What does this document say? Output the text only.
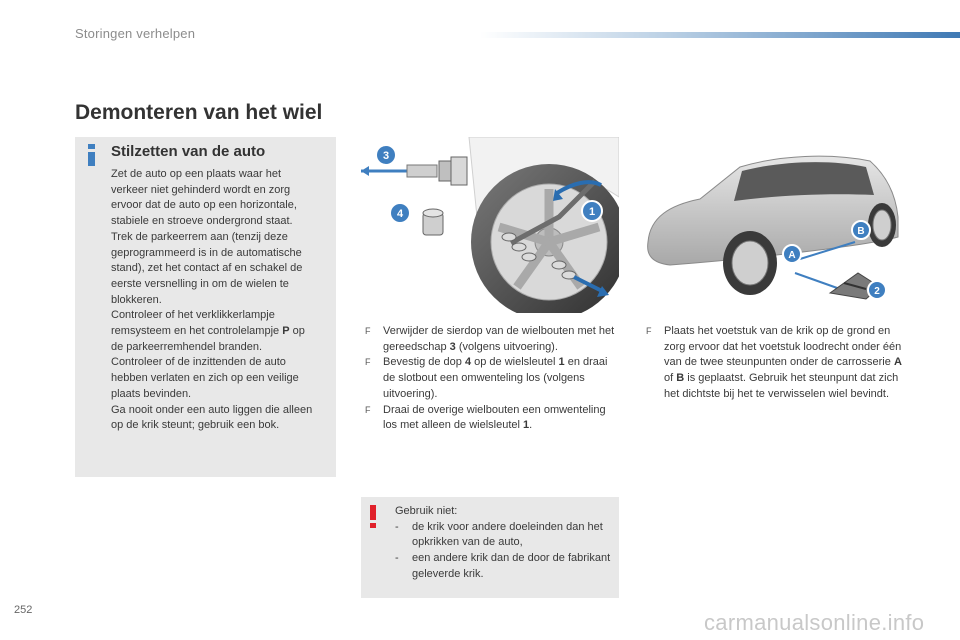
Storingen verhelpen
Demonteren van het wiel
Stilzetten van de auto

Zet de auto op een plaats waar het verkeer niet gehinderd wordt en zorg ervoor dat de auto op een horizontale, stabiele en stroeve ondergrond staat.

Trek de parkeerrem aan (tenzij deze geprogrammeerd is in de automatische stand), zet het contact af en schakel de eerste versnelling in om de wielen te blokkeren.

Controleer of het verklikkerlampje remsysteem en het controlelampje P op de parkeerremhendel branden.

Controleer of de inzittenden de auto hebben verlaten en zich op een veilige plaats bevinden.

Ga nooit onder een auto liggen die alleen op de krik steunt; gebruik een bok.

3
4	1
A
B
2
F Verwijder de sierdop van de wielbouten met het gereedschap 3 (volgens uitvoering).
F Bevestig de dop 4 op de wielsleutel 1 en draai de slotbout een omwenteling los (volgens uitvoering).
F Draai de overige wielbouten een omwenteling los met alleen de wielsleutel 1.
F Plaats het voetstuk van de krik op de grond en zorg ervoor dat het voetstuk loodrecht onder één van de twee steunpunten onder de carrosserie A of B is geplaatst. Gebruik het steunpunt dat zich het dichtste bij het te verwisselen wiel bevindt.
Gebruik niet:
- de krik voor andere doeleinden dan het opkrikken van de auto,
- een andere krik dan de door de fabrikant geleverde krik.
252	carmanualsonline.info
